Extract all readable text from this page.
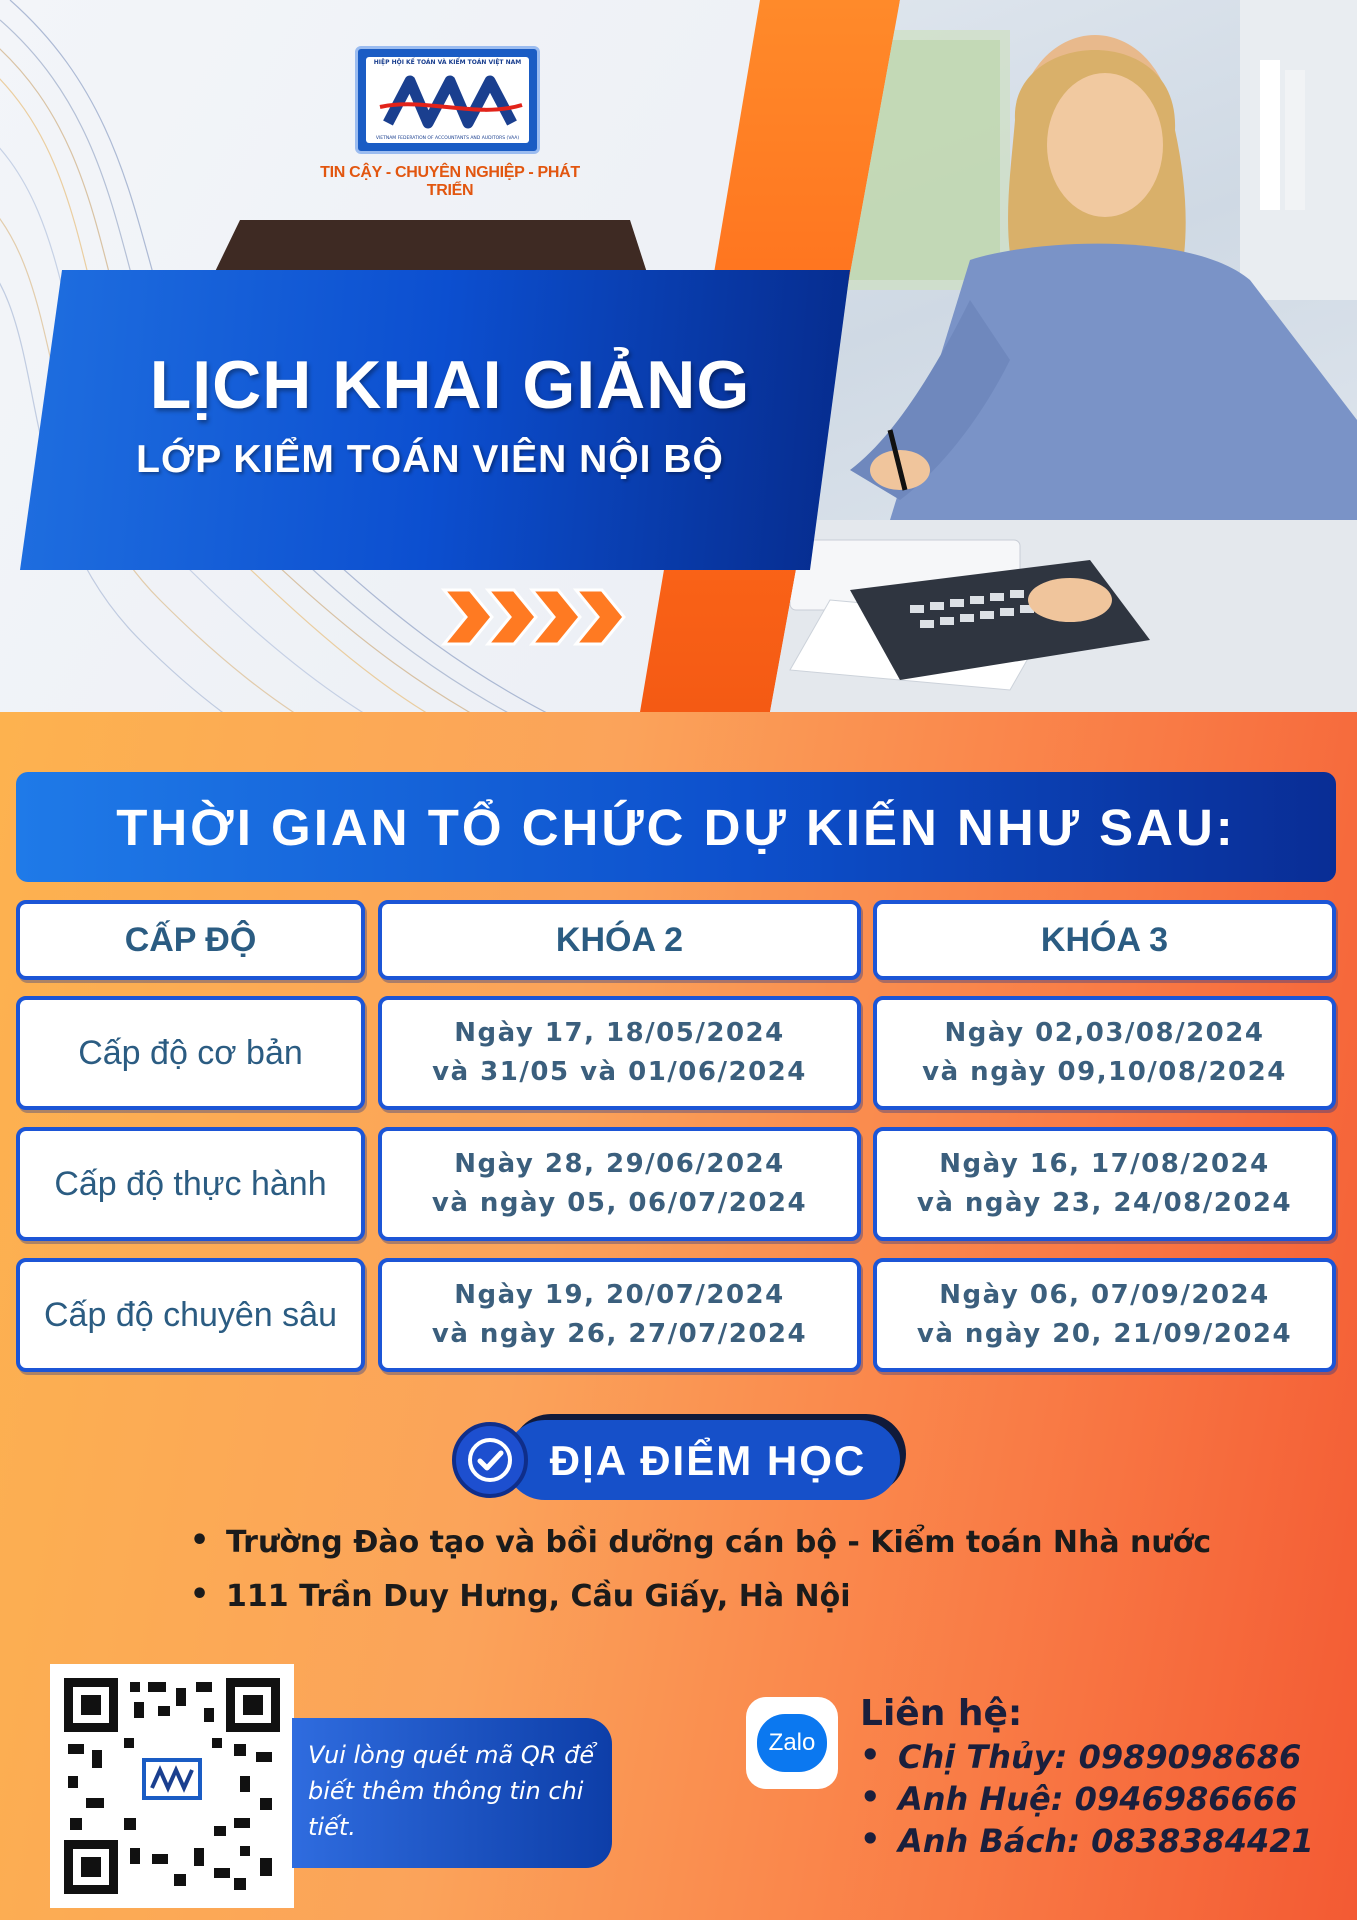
HIỆP HỘI KẾ TOÁN VÀ KIỂM TOÁN VIỆT NAM
VIETNAM FEDERATION OF ACCOUNTANTS AND AUDITORS (VAA)
TIN CẬY - CHUYÊN NGHIỆP - PHÁT TRIỂN
LỊCH KHAI GIẢNG
LỚP KIỂM TOÁN VIÊN NỘI BỘ
THỜI GIAN TỔ CHỨC DỰ KIẾN NHƯ SAU:
CẤP ĐỘ	KHÓA 2	KHÓA 3
Cấp độ cơ bản
Ngày 17, 18/05/2024
và 31/05 và 01/06/2024
Ngày 02,03/08/2024
và ngày 09,10/08/2024
Cấp độ thực hành
Ngày 28, 29/06/2024
và ngày 05, 06/07/2024
Ngày 16, 17/08/2024
và ngày 23, 24/08/2024
Cấp độ chuyên sâu
Ngày 19, 20/07/2024
và ngày 26, 27/07/2024
Ngày 06, 07/09/2024
và ngày 20, 21/09/2024
ĐỊA ĐIỂM HỌC
• Trường Đào tạo và bồi dưỡng cán bộ - Kiểm toán Nhà nước
• 111 Trần Duy Hưng, Cầu Giấy, Hà Nội
Vui lòng quét mã QR để biết thêm thông tin chi tiết.
Zalo
Liên hệ:
• Chị Thủy: 0989098686
• Anh Huệ: 0946986666
• Anh Bách: 0838384421
